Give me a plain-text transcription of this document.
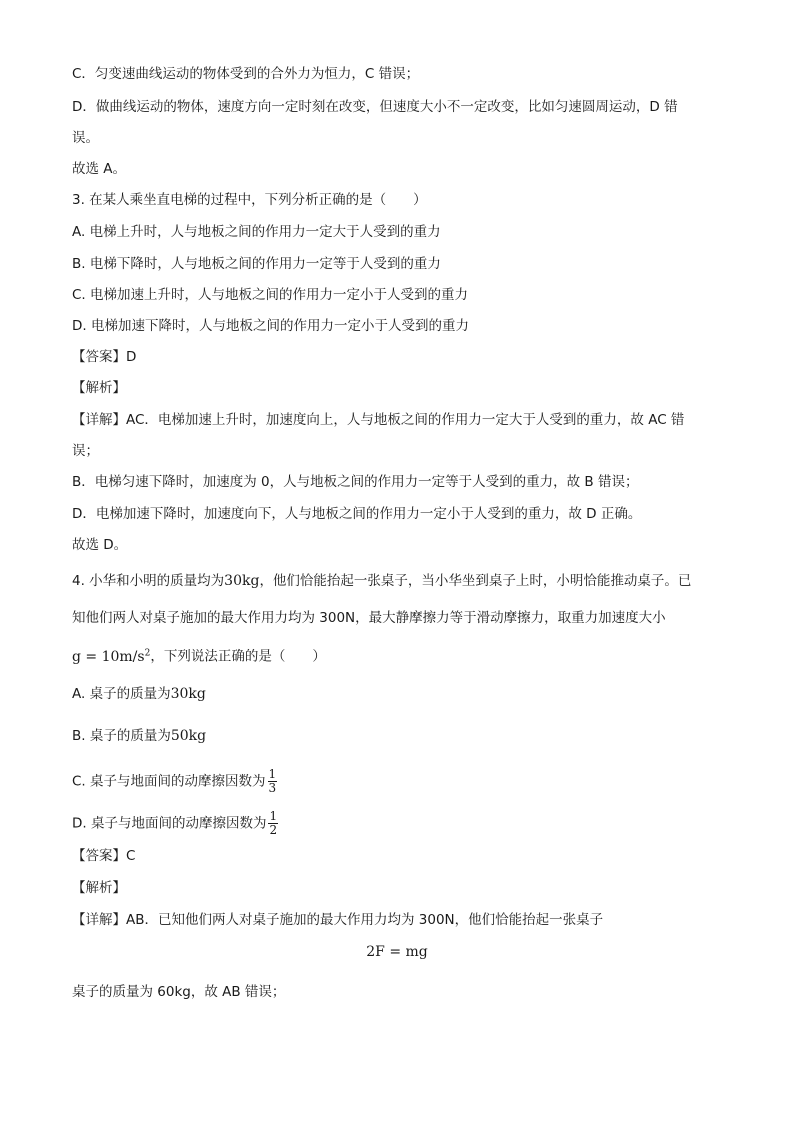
C．匀变速曲线运动的物体受到的合外力为恒力，C 错误；
D．做曲线运动的物体，速度方向一定时刻在改变，但速度大小不一定改变，比如匀速圆周运动，D 错
误。
故选 A。
3. 在某人乘坐直电梯的过程中，下列分析正确的是（　　）
A. 电梯上升时，人与地板之间的作用力一定大于人受到的重力
B. 电梯下降时，人与地板之间的作用力一定等于人受到的重力
C. 电梯加速上升时，人与地板之间的作用力一定小于人受到的重力
D. 电梯加速下降时，人与地板之间的作用力一定小于人受到的重力
【答案】D
【解析】
【详解】AC．电梯加速上升时，加速度向上，人与地板之间的作用力一定大于人受到的重力，故 AC 错
误；
B．电梯匀速下降时，加速度为 0，人与地板之间的作用力一定等于人受到的重力，故 B 错误；
D．电梯加速下降时，加速度向下，人与地板之间的作用力一定小于人受到的重力，故 D 正确。
故选 D。
4. 小华和小明的质量均为30kg，他们恰能抬起一张桌子，当小华坐到桌子上时，小明恰能推动桌子。已
知他们两人对桌子施加的最大作用力均为 300N，最大静摩擦力等于滑动摩擦力，取重力加速度大小
$g = 10m/s^2$，下列说法正确的是（　　）
A. 桌子的质量为30kg
B. 桌子的质量为50kg
C. 桌子与地面间的动摩擦因数为 $\frac{1}{3}$
D. 桌子与地面间的动摩擦因数为 $\frac{1}{2}$
【答案】C
【解析】
【详解】AB．已知他们两人对桌子施加的最大作用力均为 300N，他们恰能抬起一张桌子
2F = mg
桌子的质量为 60kg，故 AB 错误；
